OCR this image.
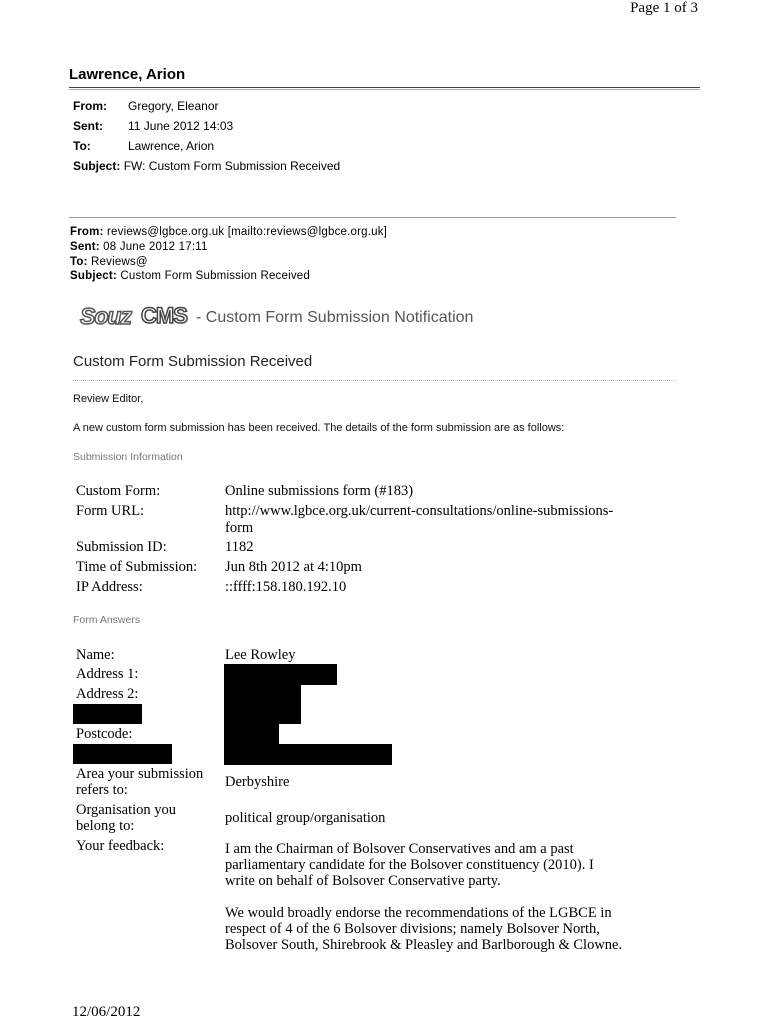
Page 1 of 3
Lawrence, Arion
From: Gregory, Eleanor
Sent: 11 June 2012 14:03
To:	Lawrence, Arion
Subject: FW: Custom Form Submission Received
From: reviews@lgbce.org.uk [mailto:reviews@lgbce.org.uk]
Sent: 08 June 2012 17:11
To: Reviews@
Subject: Custom Form Submission Received
Souz CMS - Custom Form Submission Notification
Custom Form Submission Received
Review Editor,
A new custom form submission has been received. The details of the form submission are as follows:
Submission Information
Custom Form:	Online submissions form (#183)
Form URL:	http://www.lgbce.org.uk/current-consultations/online-submissions-
form
Submission ID:	1182
Time of Submission: Jun 8th 2012 at 4:10pm
IP Address:	::ffff:158.180.192.10
Form Answers
Name:	Lee Rowley
Address 1:
Address 2:
Postcode:
Area your submission
refers to:	Derbyshire
Organisation you
belong to:	political group/organisation
Your feedback:	I am the Chairman of Bolsover Conservatives and am a past
parliamentary candidate for the Bolsover constituency (2010). I
write on behalf of Bolsover Conservative party.
We would broadly endorse the recommendations of the LGBCE in
respect of 4 of the 6 Bolsover divisions; namely Bolsover North,
Bolsover South, Shirebrook & Pleasley and Barlborough & Clowne.
12/06/2012
